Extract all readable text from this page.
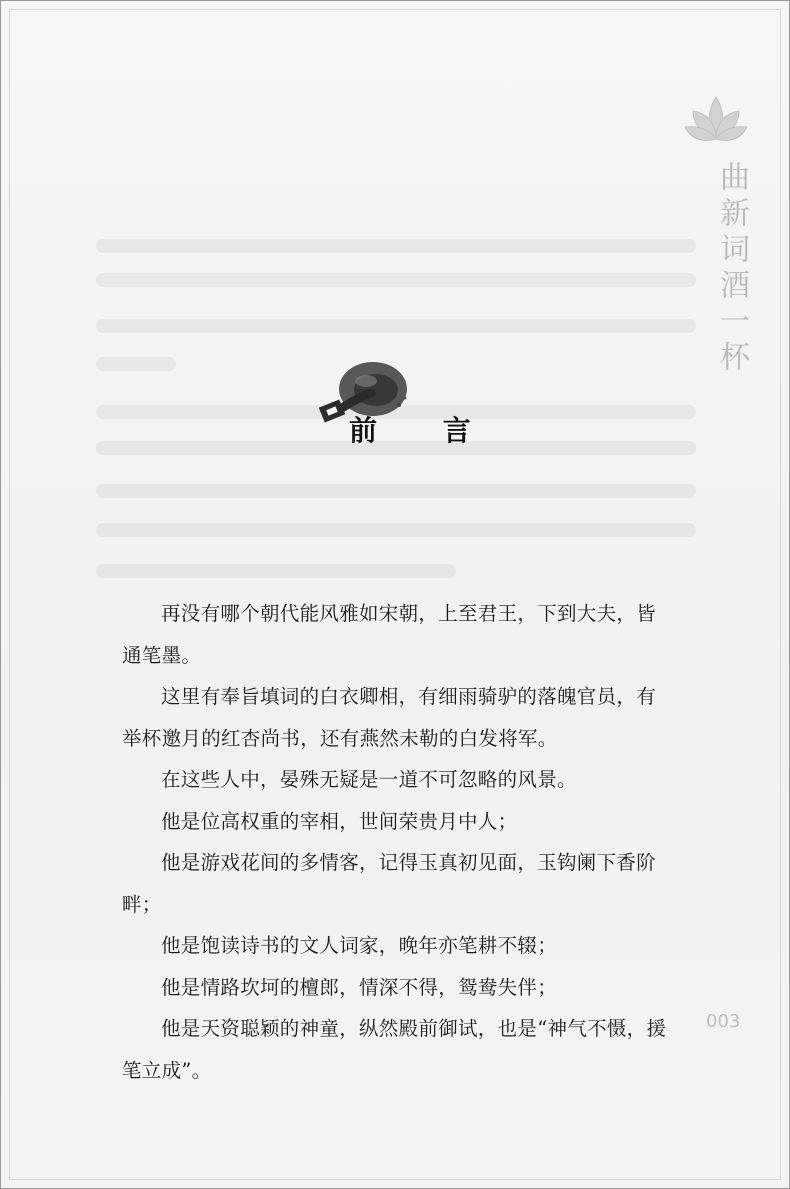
曲新词酒一杯
前 言

再没有哪个朝代能风雅如宋朝，上至君王，下到大夫，皆通笔墨。

这里有奉旨填词的白衣卿相，有细雨骑驴的落魄官员，有举杯邀月的红杏尚书，还有燕然未勒的白发将军。

在这些人中，晏殊无疑是一道不可忽略的风景。

他是位高权重的宰相，世间荣贵月中人；

他是游戏花间的多情客，记得玉真初见面，玉钩阑下香阶畔；

他是饱读诗书的文人词家，晚年亦笔耕不辍；

他是情路坎坷的檀郎，情深不得，鸳鸯失伴；

他是天资聪颖的神童，纵然殿前御试，也是“神气不慑，援笔立成”。

003
